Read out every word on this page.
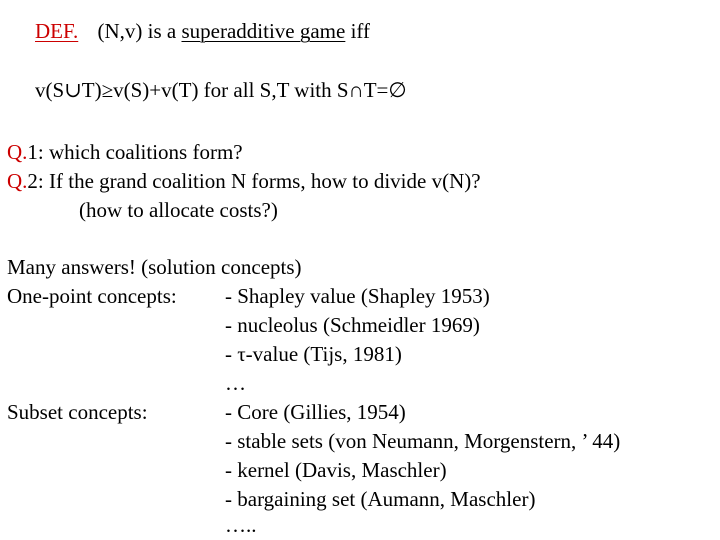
DEF. (N,v) is a superadditive game iff
v(S∪T)≥v(S)+v(T) for all S,T with S∩T=∅
Q.1: which coalitions form?
Q.2: If the grand coalition N forms, how to divide v(N)?
(how to allocate costs?)
Many answers! (solution concepts)
One-point concepts: - Shapley value (Shapley 1953)
- nucleolus (Schmeidler 1969)
- τ-value (Tijs, 1981)
…
Subset concepts:	- Core (Gillies, 1954)
- stable sets (von Neumann, Morgenstern, ’ 44)
- kernel (Davis, Maschler)
- bargaining set (Aumann, Maschler)
…..
